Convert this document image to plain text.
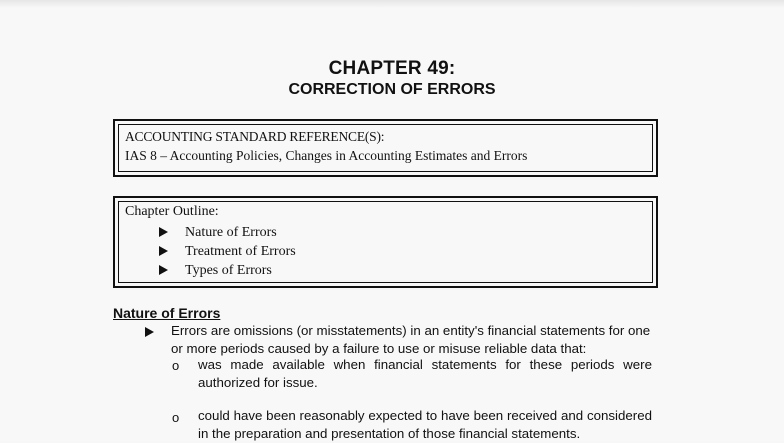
CHAPTER 49:
CORRECTION OF ERRORS
ACCOUNTING STANDARD REFERENCE(S):
IAS 8 – Accounting Policies, Changes in Accounting Estimates and Errors
Chapter Outline:
Nature of Errors
Treatment of Errors
Types of Errors
Nature of Errors
Errors are omissions (or misstatements) in an entity's financial statements for one or more periods caused by a failure to use or misuse reliable data that:
o was made available when financial statements for these periods were authorized for issue.
o could have been reasonably expected to have been received and considered in the preparation and presentation of those financial statements.
